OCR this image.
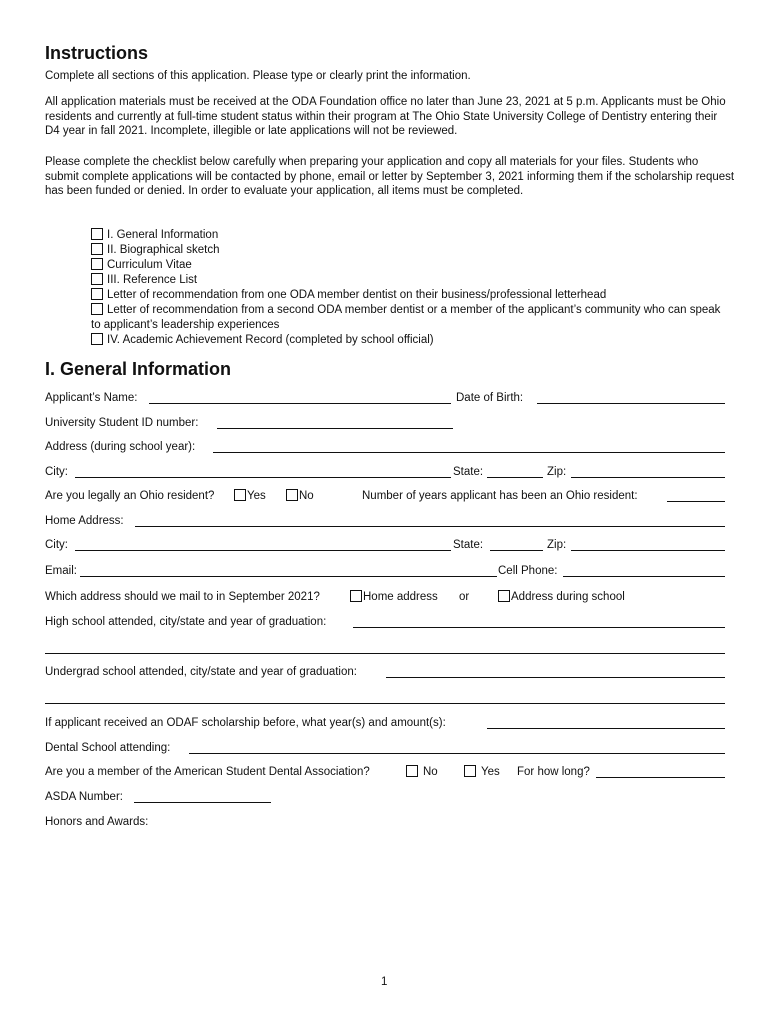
Instructions
Complete all sections of this application. Please type or clearly print the information.
All application materials must be received at the ODA Foundation office no later than June 23, 2021 at 5 p.m. Applicants must be Ohio residents and currently at full-time student status within their program at The Ohio State University College of Dentistry entering their D4 year in fall 2021. Incomplete, illegible or late applications will not be reviewed.
Please complete the checklist below carefully when preparing your application and copy all materials for your files. Students who submit complete applications will be contacted by phone, email or letter by September 3, 2021 informing them if the scholarship request has been funded or denied. In order to evaluate your application, all items must be completed.
I. General Information
II. Biographical sketch
Curriculum Vitae
III. Reference List
Letter of recommendation from one ODA member dentist on their business/professional letterhead
Letter of recommendation from a second ODA member dentist or a member of the applicant’s community who can speak to applicant’s leadership experiences
IV. Academic Achievement Record (completed by school official)
I. General Information
Applicant’s Name:	Date of Birth:
University Student ID number:
Address (during school year):
City:	State:	Zip:
Are you legally an Ohio resident?	Yes	No	Number of years applicant has been an Ohio resident:
Home Address:
City:	State:	Zip:
Email:	Cell Phone:
Which address should we mail to in September 2021?	Home address or	Address during school
High school attended, city/state and year of graduation:
Undergrad school attended, city/state and year of graduation:
If applicant received an ODAF scholarship before, what year(s) and amount(s):
Dental School attending:
Are you a member of the American Student Dental Association?	No	Yes For how long?
ASDA Number:
Honors and Awards:
1
